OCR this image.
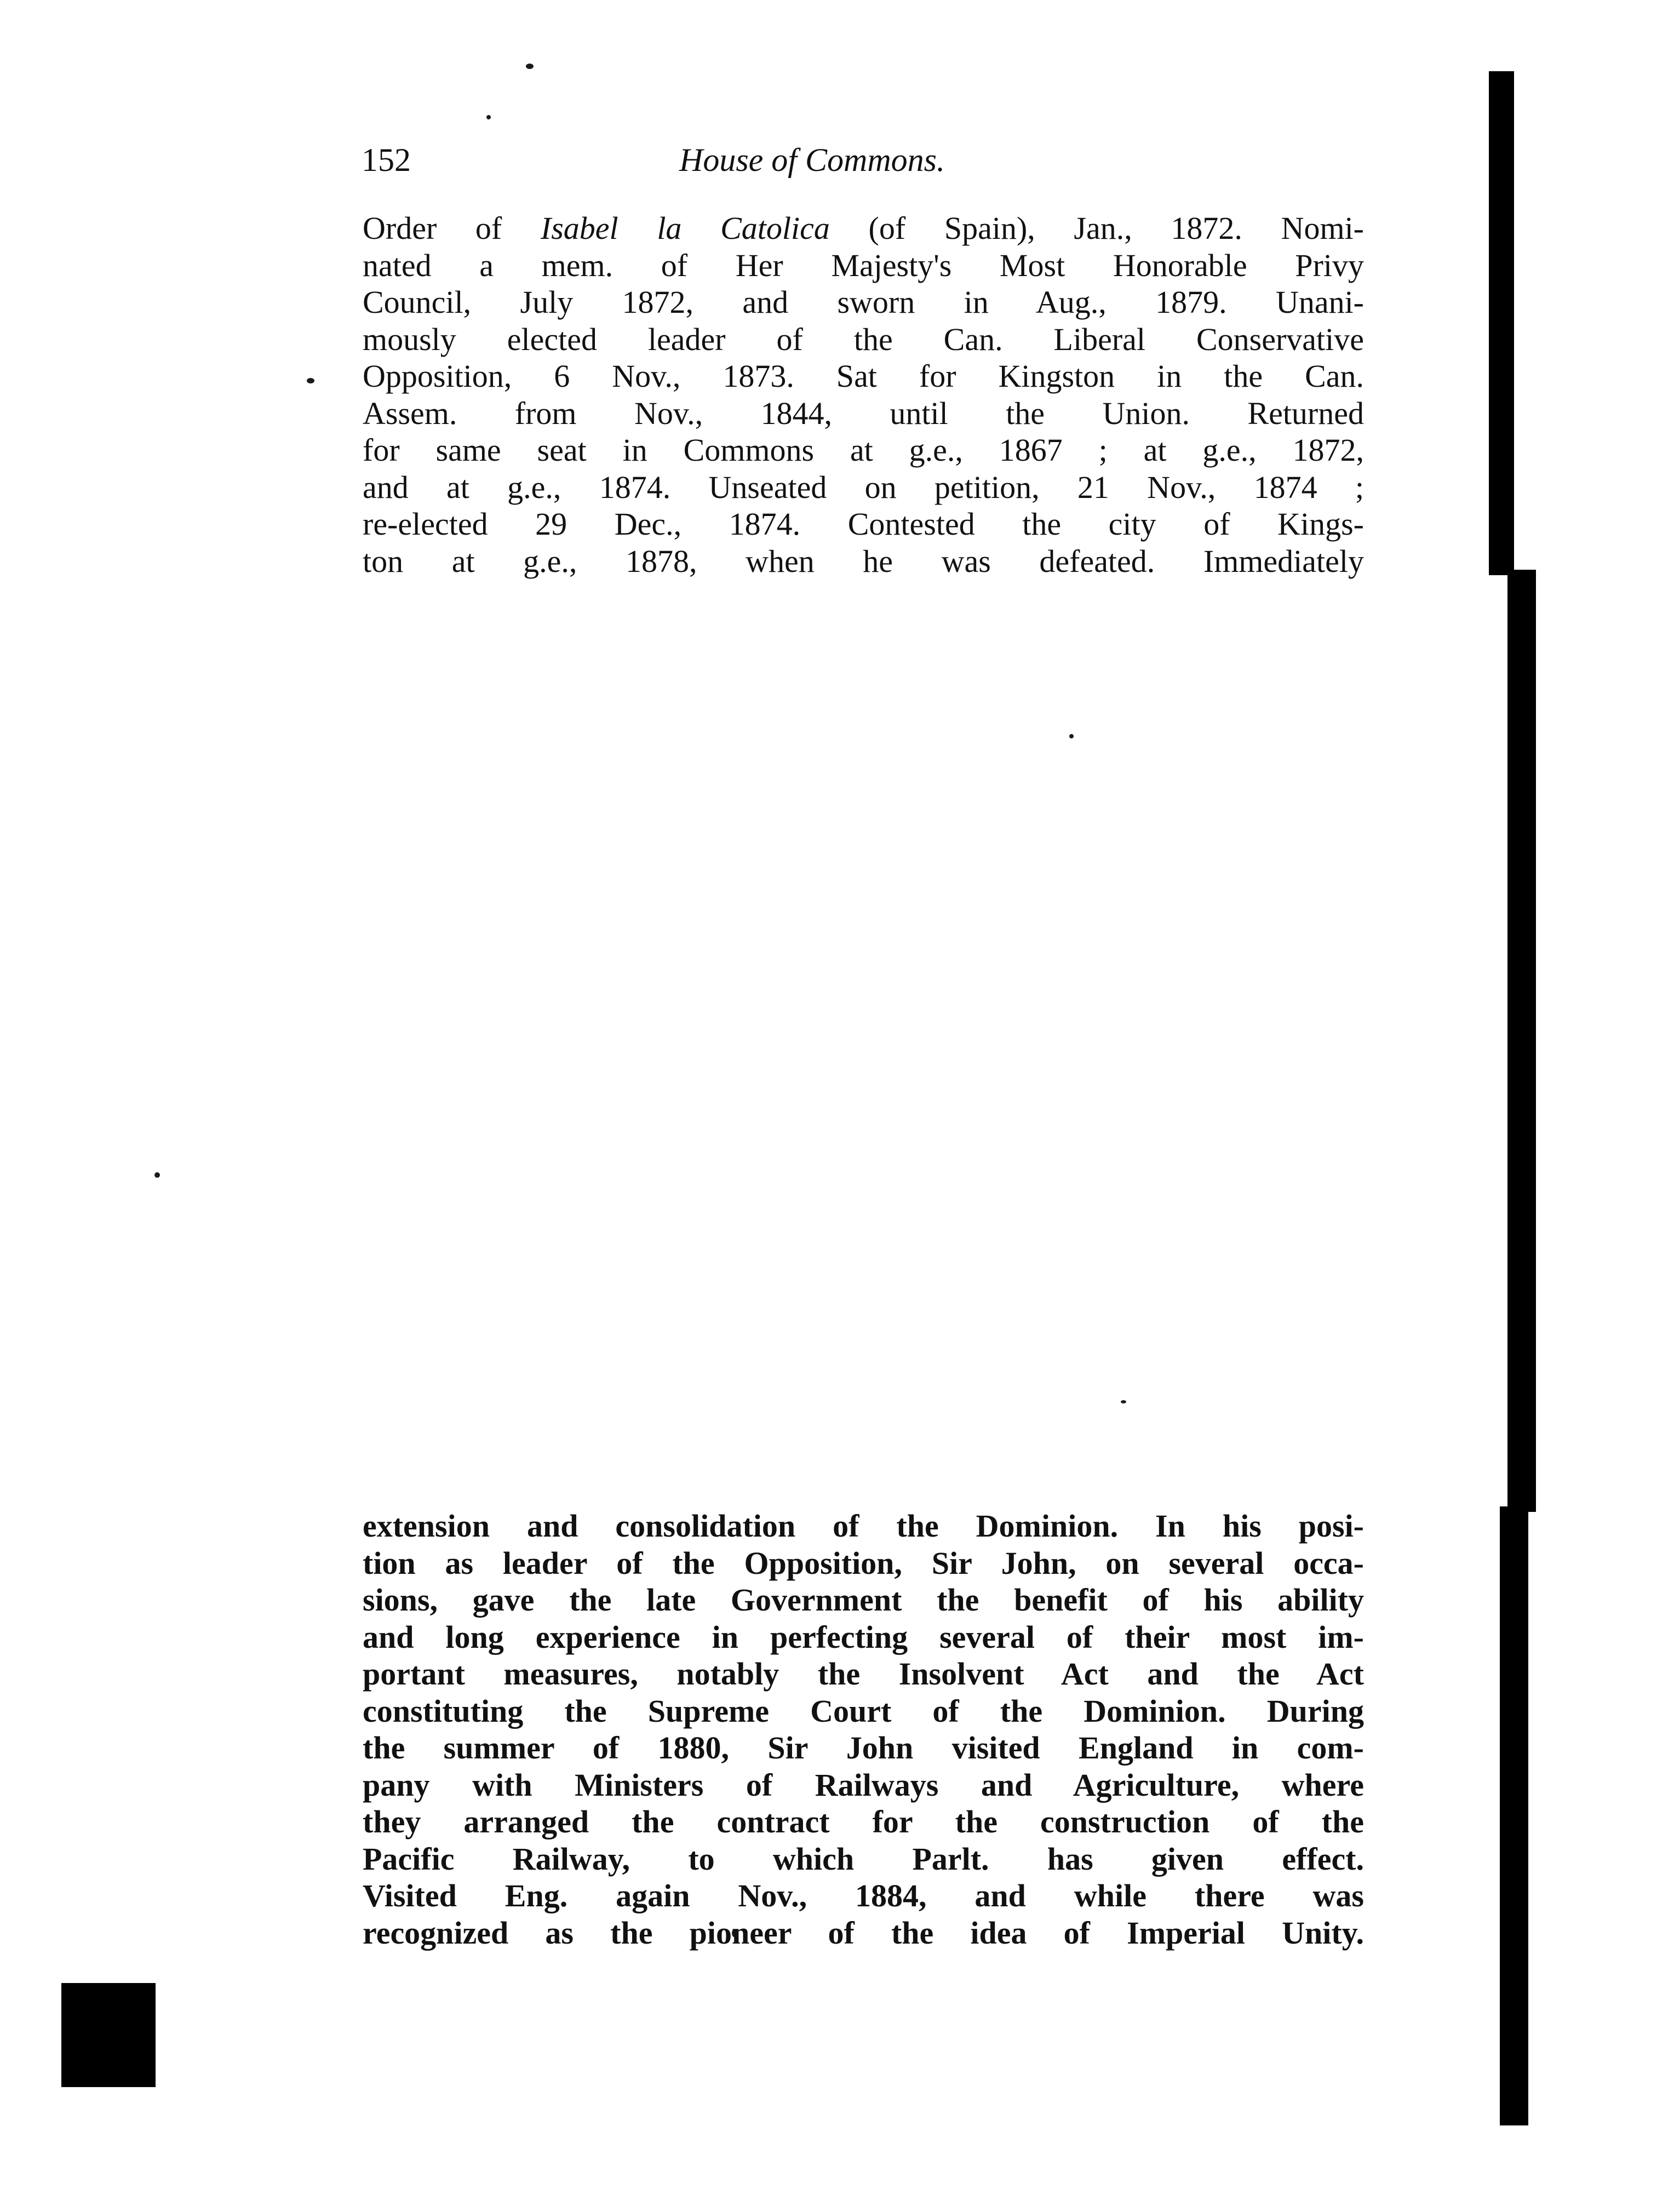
152	House of Commons.
Order of Isabel la Catolica (of Spain), Jan., 1872. Nomi-
nated a mem. of Her Majesty's Most Honorable Privy
Council, July 1872, and sworn in Aug., 1879. Unani-
mously elected leader of the Can. Liberal Conservative
Opposition, 6 Nov., 1873. Sat for Kingston in the Can.
Assem. from Nov., 1844, until the Union. Returned
for same seat in Commons at g.e., 1867 ; at g.e., 1872,
and at g.e., 1874. Unseated on petition, 21 Nov., 1874 ;
re-elected 29 Dec., 1874. Contested the city of Kings-
ton at g.e., 1878, when he was defeated. Immediately
extension and consolidation of the Dominion. In his posi-
tion as leader of the Opposition, Sir John, on several occa-
sions, gave the late Government the benefit of his ability
and long experience in perfecting several of their most im-
portant measures, notably the Insolvent Act and the Act
constituting the Supreme Court of the Dominion. During
the summer of 1880, Sir John visited England in com-
pany with Ministers of Railways and Agriculture, where
they arranged the contract for the construction of the
Pacific Railway, to which Parlt. has given effect.
Visited Eng. again Nov., 1884, and while there was
recognized as the pioneer of the idea of Imperial Unity.
